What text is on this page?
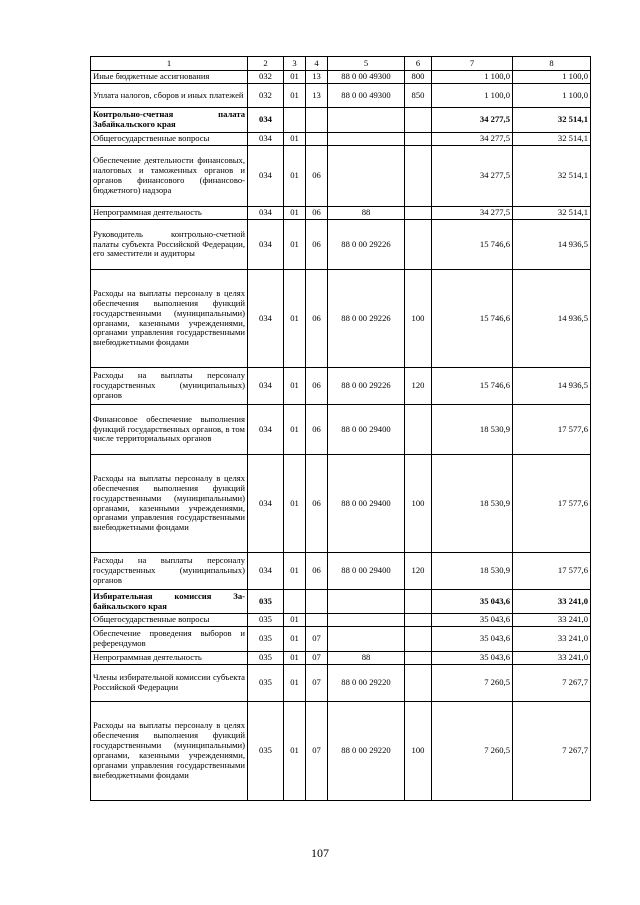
1	2	3	4	5	6	7	8

Иные бюджетные ассигнования	032	01	13	88 0 00 49300	800	1 100,0	1 100,0

Уплата налогов, сборов и иных платежей	032	01	13	88 0 00 49300	850	1 100,0	1 100,0

Контрольно-счетная палата Забайкальского края	034					34 277,5	32 514,1

Общегосударственные вопросы	034	01				34 277,5	32 514,1

Обеспечение деятельности финансовых, налоговых и таможенных органов и органов финансового (финансово-бюджетного) надзора	034	01	06			34 277,5	32 514,1

Непрограммная деятельность	034	01	06	88		34 277,5	32 514,1

Руководитель контрольно-счетной палаты субъекта Российской Федерации, его заместители и аудиторы	034	01	06	88 0 00 29226		15 746,6	14 936,5

Расходы на выплаты персоналу в целях обеспечения выполнения функций государственными (муниципальными) органами, казенными учреждениями, органами управления государственными внебюджетными фондами	034	01	06	88 0 00 29226	100	15 746,6	14 936,5

Расходы на выплаты персоналу государственных (муниципальных) органов	034	01	06	88 0 00 29226	120	15 746,6	14 936,5

Финансовое обеспечение выполнения функций государственных органов, в том числе территориальных органов	034	01	06	88 0 00 29400		18 530,9	17 577,6

Расходы на выплаты персоналу в целях обеспечения выполнения функций государственными (муниципальными) органами, казенными учреждениями, органами управления государственными внебюджетными фондами	034	01	06	88 0 00 29400	100	18 530,9	17 577,6

Расходы на выплаты персоналу государственных (муниципальных) органов	034	01	06	88 0 00 29400	120	18 530,9	17 577,6

Избирательная комиссия Забайкальского края	035					35 043,6	33 241,0

Общегосударственные вопросы	035	01				35 043,6	33 241,0

Обеспечение проведения выборов и референдумов	035	01	07			35 043,6	33 241,0

Непрограммная деятельность	035	01	07	88		35 043,6	33 241,0

Члены избирательной комиссии субъекта Российской Федерации	035	01	07	88 0 00 29220		7 260,5	7 267,7

Расходы на выплаты персоналу в целях обеспечения выполнения функций государственными (муниципальными) органами, казенными учреждениями, органами управления государственными внебюджетными фондами	035	01	07	88 0 00 29220	100	7 260,5	7 267,7
107
